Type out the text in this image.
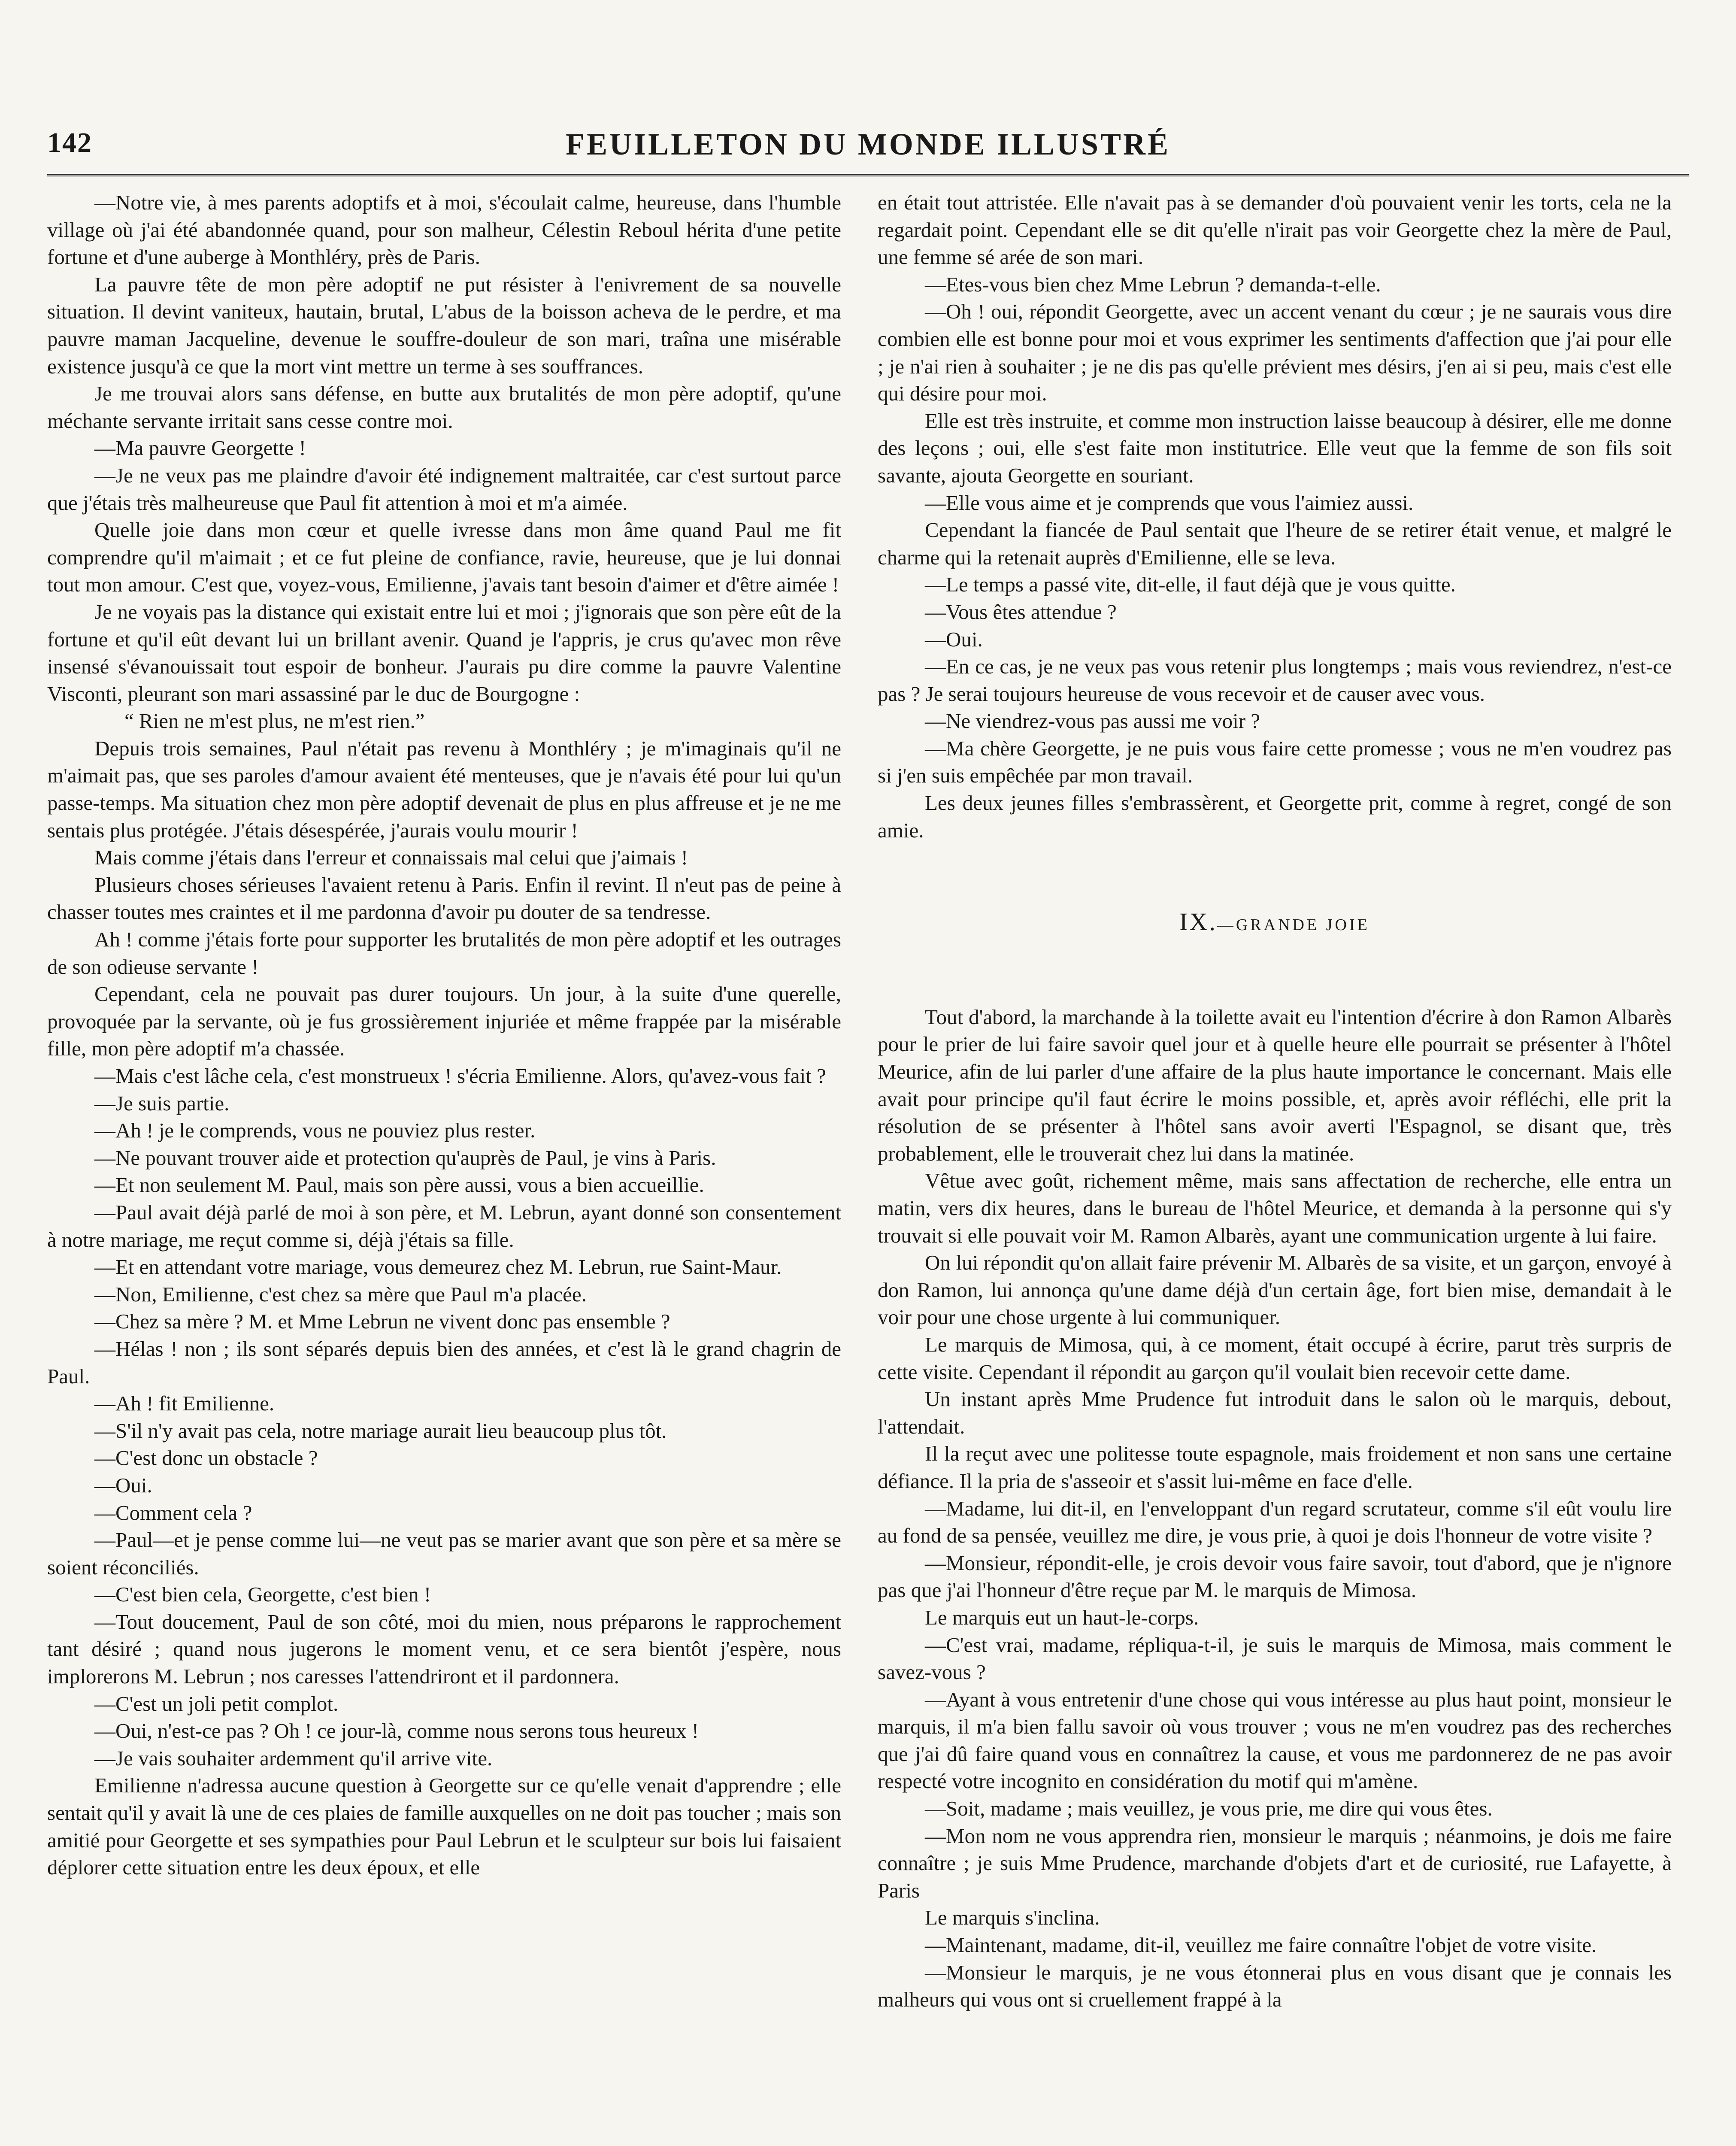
142	FEUILLETON DU MONDE ILLUSTRÉ

—Notre vie, à mes parents adoptifs et à moi, s'écoulait calme, heureuse, dans l'humble village où j'ai été abandonnée quand, pour son malheur, Célestin Reboul hérita d'une petite fortune et d'une auberge à Monthléry, près de Paris.

La pauvre tête de mon père adoptif ne put résister à l'enivrement de sa nouvelle situation. Il devint vaniteux, hautain, brutal, L'abus de la boisson acheva de le perdre, et ma pauvre maman Jacqueline, devenue le souffre-douleur de son mari, traîna une misérable existence jusqu'à ce que la mort vint mettre un terme à ses souffrances.

Je me trouvai alors sans défense, en butte aux brutalités de mon père adoptif, qu'une méchante servante irritait sans cesse contre moi.

—Ma pauvre Georgette !

—Je ne veux pas me plaindre d'avoir été indignement maltraitée, car c'est surtout parce que j'étais très malheureuse que Paul fit attention à moi et m'a aimée.

Quelle joie dans mon cœur et quelle ivresse dans mon âme quand Paul me fit comprendre qu'il m'aimait ; et ce fut pleine de confiance, ravie, heureuse, que je lui donnai tout mon amour. C'est que, voyez-vous, Emilienne, j'avais tant besoin d'aimer et d'être aimée !

Je ne voyais pas la distance qui existait entre lui et moi ; j'ignorais que son père eût de la fortune et qu'il eût devant lui un brillant avenir. Quand je l'appris, je crus qu'avec mon rêve insensé s'évanouissait tout espoir de bonheur. J'aurais pu dire comme la pauvre Valentine Visconti, pleurant son mari assassiné par le duc de Bourgogne :

“ Rien ne m'est plus, ne m'est rien.”

Depuis trois semaines, Paul n'était pas revenu à Monthléry ; je m'imaginais qu'il ne m'aimait pas, que ses paroles d'amour avaient été menteuses, que je n'avais été pour lui qu'un passe-temps. Ma situation chez mon père adoptif devenait de plus en plus affreuse et je ne me sentais plus protégée. J'étais désespérée, j'aurais voulu mourir !

Mais comme j'étais dans l'erreur et connaissais mal celui que j'aimais !

Plusieurs choses sérieuses l'avaient retenu à Paris. Enfin il revint. Il n'eut pas de peine à chasser toutes mes craintes et il me pardonna d'avoir pu douter de sa tendresse.

Ah ! comme j'étais forte pour supporter les brutalités de mon père adoptif et les outrages de son odieuse servante !

Cependant, cela ne pouvait pas durer toujours. Un jour, à la suite d'une querelle, provoquée par la servante, où je fus grossièrement injuriée et même frappée par la misérable fille, mon père adoptif m'a chassée.

—Mais c'est lâche cela, c'est monstrueux ! s'écria Emilienne. Alors, qu'avez-vous fait ?

—Je suis partie.

—Ah ! je le comprends, vous ne pouviez plus rester.

—Ne pouvant trouver aide et protection qu'auprès de Paul, je vins à Paris.

—Et non seulement M. Paul, mais son père aussi, vous a bien accueillie.

—Paul avait déjà parlé de moi à son père, et M. Lebrun, ayant donné son consentement à notre mariage, me reçut comme si, déjà j'étais sa fille.

—Et en attendant votre mariage, vous demeurez chez M. Lebrun, rue Saint-Maur.

—Non, Emilienne, c'est chez sa mère que Paul m'a placée.

—Chez sa mère ? M. et Mme Lebrun ne vivent donc pas ensemble ?

—Hélas ! non ; ils sont séparés depuis bien des années, et c'est là le grand chagrin de Paul.

—Ah ! fit Emilienne.

—S'il n'y avait pas cela, notre mariage aurait lieu beaucoup plus tôt.

—C'est donc un obstacle ?

—Oui.

—Comment cela ?

—Paul—et je pense comme lui—ne veut pas se marier avant que son père et sa mère se soient réconciliés.

—C'est bien cela, Georgette, c'est bien !

—Tout doucement, Paul de son côté, moi du mien, nous préparons le rapprochement tant désiré ; quand nous jugerons le moment venu, et ce sera bientôt j'espère, nous implorerons M. Lebrun ; nos caresses l'attendriront et il pardonnera.

—C'est un joli petit complot.

—Oui, n'est-ce pas ? Oh ! ce jour-là, comme nous serons tous heureux !

—Je vais souhaiter ardemment qu'il arrive vite.

Emilienne n'adressa aucune question à Georgette sur ce qu'elle venait d'apprendre ; elle sentait qu'il y avait là une de ces plaies de famille auxquelles on ne doit pas toucher ; mais son amitié pour Georgette et ses sympathies pour Paul Lebrun et le sculpteur sur bois lui faisaient déplorer cette situation entre les deux époux, et elle

en était tout attristée. Elle n'avait pas à se demander d'où pouvaient venir les torts, cela ne la regardait point. Cependant elle se dit qu'elle n'irait pas voir Georgette chez la mère de Paul, une femme sé arée de son mari.

—Etes-vous bien chez Mme Lebrun ? demanda-t-elle.

—Oh ! oui, répondit Georgette, avec un accent venant du cœur ; je ne saurais vous dire combien elle est bonne pour moi et vous exprimer les sentiments d'affection que j'ai pour elle ; je n'ai rien à souhaiter ; je ne dis pas qu'elle prévient mes désirs, j'en ai si peu, mais c'est elle qui désire pour moi.

Elle est très instruite, et comme mon instruction laisse beaucoup à désirer, elle me donne des leçons ; oui, elle s'est faite mon institutrice. Elle veut que la femme de son fils soit savante, ajouta Georgette en souriant.

—Elle vous aime et je comprends que vous l'aimiez aussi.

Cependant la fiancée de Paul sentait que l'heure de se retirer était venue, et malgré le charme qui la retenait auprès d'Emilienne, elle se leva.

—Le temps a passé vite, dit-elle, il faut déjà que je vous quitte.

—Vous êtes attendue ?

—Oui.

—En ce cas, je ne veux pas vous retenir plus longtemps ; mais vous reviendrez, n'est-ce pas ? Je serai toujours heureuse de vous recevoir et de causer avec vous.

—Ne viendrez-vous pas aussi me voir ?

—Ma chère Georgette, je ne puis vous faire cette promesse ; vous ne m'en voudrez pas si j'en suis empêchée par mon travail.

Les deux jeunes filles s'embrassèrent, et Georgette prit, comme à regret, congé de son amie.

IX.—GRANDE JOIE

Tout d'abord, la marchande à la toilette avait eu l'intention d'écrire à don Ramon Albarès pour le prier de lui faire savoir quel jour et à quelle heure elle pourrait se présenter à l'hôtel Meurice, afin de lui parler d'une affaire de la plus haute importance le concernant. Mais elle avait pour principe qu'il faut écrire le moins possible, et, après avoir réfléchi, elle prit la résolution de se présenter à l'hôtel sans avoir averti l'Espagnol, se disant que, très probablement, elle le trouverait chez lui dans la matinée.

Vêtue avec goût, richement même, mais sans affectation de recherche, elle entra un matin, vers dix heures, dans le bureau de l'hôtel Meurice, et demanda à la personne qui s'y trouvait si elle pouvait voir M. Ramon Albarès, ayant une communication urgente à lui faire.

On lui répondit qu'on allait faire prévenir M. Albarès de sa visite, et un garçon, envoyé à don Ramon, lui annonça qu'une dame déjà d'un certain âge, fort bien mise, demandait à le voir pour une chose urgente à lui communiquer.

Le marquis de Mimosa, qui, à ce moment, était occupé à écrire, parut très surpris de cette visite. Cependant il répondit au garçon qu'il voulait bien recevoir cette dame.

Un instant après Mme Prudence fut introduit dans le salon où le marquis, debout, l'attendait.

Il la reçut avec une politesse toute espagnole, mais froidement et non sans une certaine défiance. Il la pria de s'asseoir et s'assit lui-même en face d'elle.

—Madame, lui dit-il, en l'enveloppant d'un regard scrutateur, comme s'il eût voulu lire au fond de sa pensée, veuillez me dire, je vous prie, à quoi je dois l'honneur de votre visite ?

—Monsieur, répondit-elle, je crois devoir vous faire savoir, tout d'abord, que je n'ignore pas que j'ai l'honneur d'être reçue par M. le marquis de Mimosa.

Le marquis eut un haut-le-corps.

—C'est vrai, madame, répliqua-t-il, je suis le marquis de Mimosa, mais comment le savez-vous ?

—Ayant à vous entretenir d'une chose qui vous intéresse au plus haut point, monsieur le marquis, il m'a bien fallu savoir où vous trouver ; vous ne m'en voudrez pas des recherches que j'ai dû faire quand vous en connaîtrez la cause, et vous me pardonnerez de ne pas avoir respecté votre incognito en considération du motif qui m'amène.

—Soit, madame ; mais veuillez, je vous prie, me dire qui vous êtes.

—Mon nom ne vous apprendra rien, monsieur le marquis ; néanmoins, je dois me faire connaître ; je suis Mme Prudence, marchande d'objets d'art et de curiosité, rue Lafayette, à Paris

Le marquis s'inclina.

—Maintenant, madame, dit-il, veuillez me faire connaître l'objet de votre visite.

—Monsieur le marquis, je ne vous étonnerai plus en vous disant que je connais les malheurs qui vous ont si cruellement frappé à la
